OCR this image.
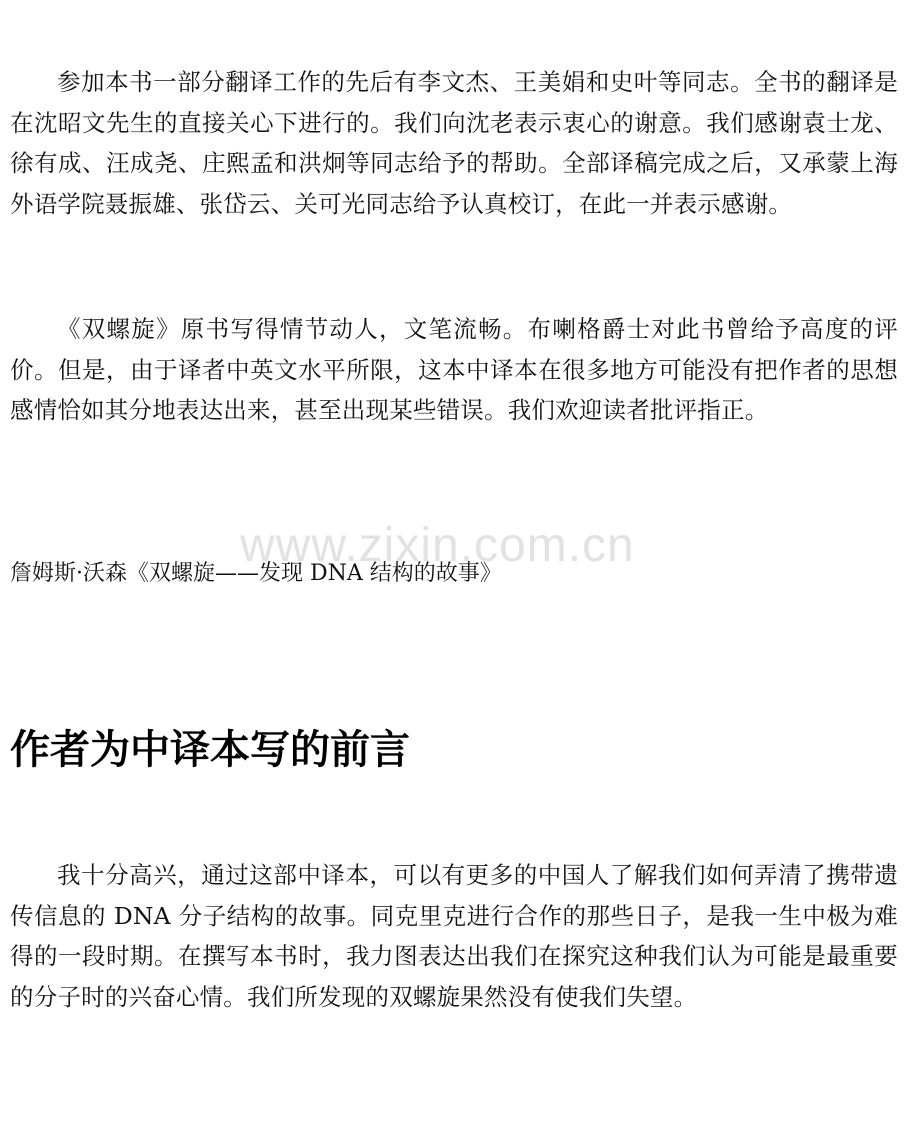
参加本书一部分翻译工作的先后有李文杰、王美娟和史叶等同志。全书的翻译是在沈昭文先生的直接关心下进行的。我们向沈老表示衷心的谢意。我们感谢袁士龙、徐有成、汪成尧、庄熙孟和洪炯等同志给予的帮助。全部译稿完成之后，又承蒙上海外语学院聂振雄、张岱云、关可光同志给予认真校订，在此一并表示感谢。

《双螺旋》原书写得情节动人，文笔流畅。布喇格爵士对此书曾给予高度的评价。但是，由于译者中英文水平所限，这本中译本在很多地方可能没有把作者的思想感情恰如其分地表达出来，甚至出现某些错误。我们欢迎读者批评指正。

www.zixin.com.cn

詹姆斯·沃森《双螺旋——发现 DNA 结构的故事》

作者为中译本写的前言

我十分高兴，通过这部中译本，可以有更多的中国人了解我们如何弄清了携带遗传信息的 DNA 分子结构的故事。同克里克进行合作的那些日子，是我一生中极为难得的一段时期。在撰写本书时，我力图表达出我们在探究这种我们认为可能是最重要的分子时的兴奋心情。我们所发现的双螺旋果然没有使我们失望。
